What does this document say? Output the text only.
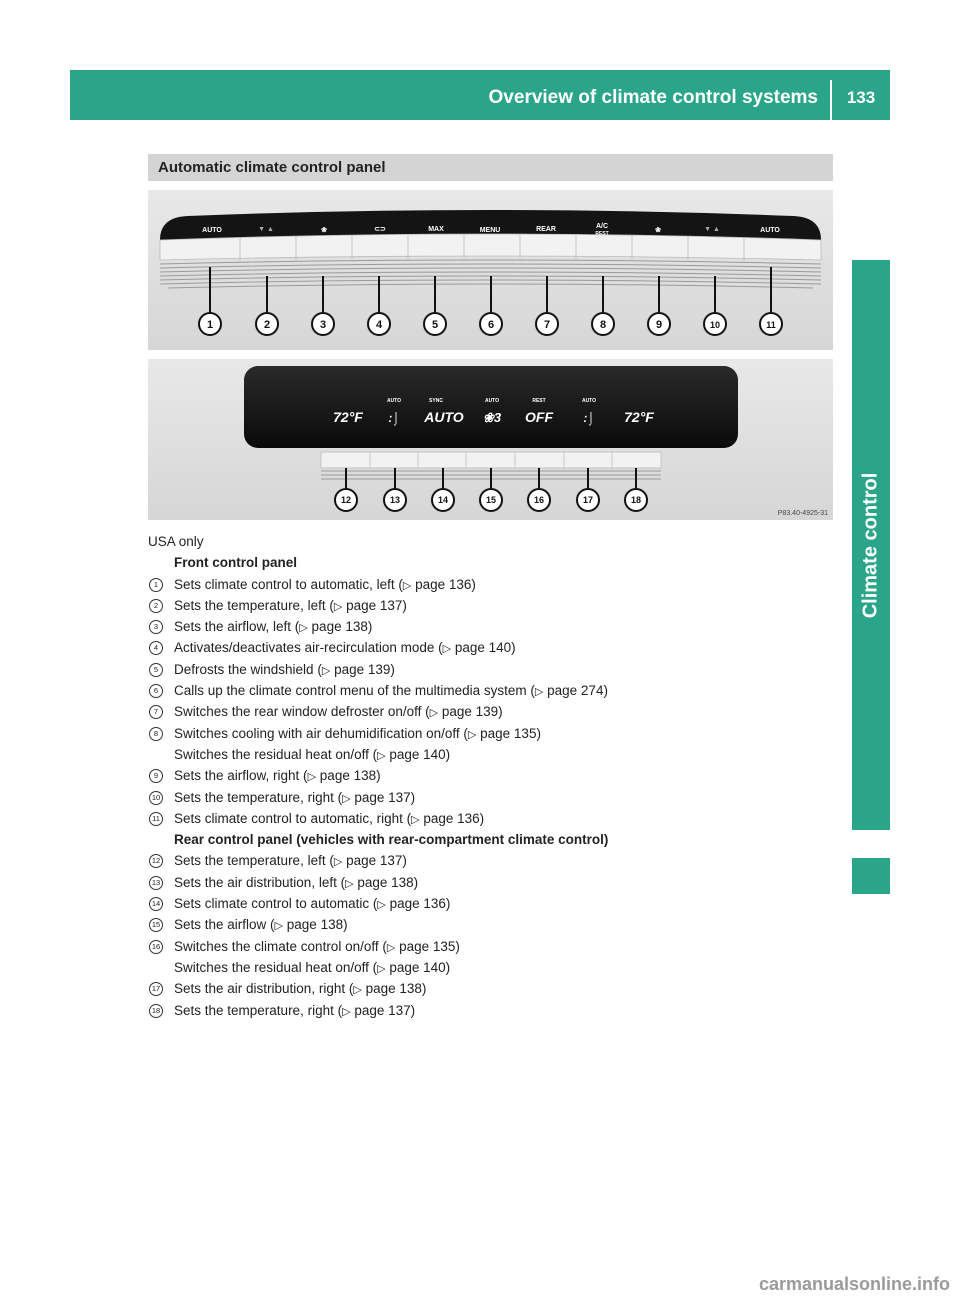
Overview of climate control systems	133
Climate control
Automatic climate control panel
AUTO	▼ ▲	❀	⊂⊃	MAX	MENU	REAR	A/C
REST	❀	▼ ▲	AUTO
1	2	3	4	5	6	7	8	9	10	11
72°F :⌡ AUTO ❀3 OFF	:⌡ 72°F
AUTO	SYNC	AUTO	REST	AUTO
12	13	14	15	16	17	18
P83.40-4925-31
USA only
Front control panel
1	Sets climate control to automatic, left (▷ page 136)
2	Sets the temperature, left (▷ page 137)
3	Sets the airflow, left (▷ page 138)
4	Activates/deactivates air-recirculation mode (▷ page 140)
5	Defrosts the windshield (▷ page 139)
6	Calls up the climate control menu of the multimedia system (▷ page 274)
7	Switches the rear window defroster on/off (▷ page 139)
8	Switches cooling with air dehumidification on/off (▷ page 135)
Switches the residual heat on/off (▷ page 140)
9	Sets the airflow, right (▷ page 138)
10 Sets the temperature, right (▷ page 137)
11 Sets climate control to automatic, right (▷ page 136)
Rear control panel (vehicles with rear-compartment climate control)
12 Sets the temperature, left (▷ page 137)
13 Sets the air distribution, left (▷ page 138)
14 Sets climate control to automatic (▷ page 136)
15 Sets the airflow (▷ page 138)
16 Switches the climate control on/off (▷ page 135)
Switches the residual heat on/off (▷ page 140)
17 Sets the air distribution, right (▷ page 138)
18 Sets the temperature, right (▷ page 137)
carmanualsonline.info
